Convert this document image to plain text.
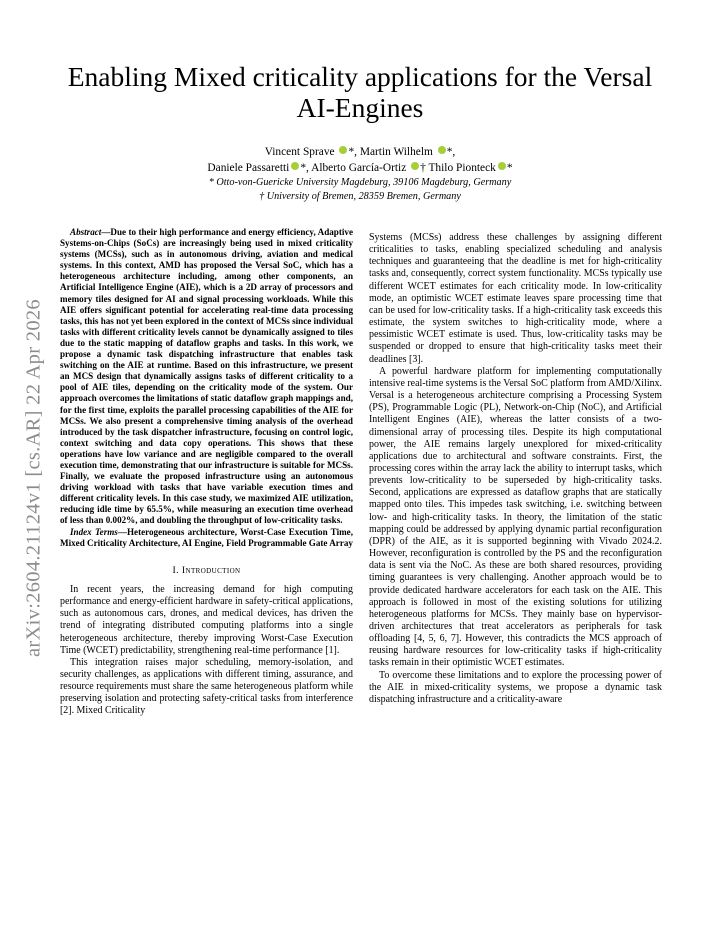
arXiv:2604.21124v1 [cs.AR] 22 Apr 2026
Enabling Mixed criticality applications for the Versal AI-Engines
Vincent Sprave *, Martin Wilhelm *,
Daniele Passaretti *, Alberto García-Ortiz † Thilo Pionteck *
* Otto-von-Guericke University Magdeburg, 39106 Magdeburg, Germany
† University of Bremen, 28359 Bremen, Germany

Abstract—Due to their high performance and energy efficiency, Adaptive Systems-on-Chips (SoCs) are increasingly being used in mixed criticality systems (MCSs), such as in autonomous driving, aviation and medical systems. In this context, AMD has proposed the Versal SoC, which has a heterogeneous architecture including, among other components, an Artificial Intelligence Engine (AIE), which is a 2D array of processors and memory tiles designed for AI and signal processing workloads. While this AIE offers significant potential for accelerating real-time data processing tasks, this has not yet been explored in the context of MCSs since individual tasks with different criticality levels cannot be dynamically assigned to tiles due to the static mapping of dataflow graphs and tasks. In this work, we propose a dynamic task dispatching infrastructure that enables task switching on the AIE at runtime. Based on this infrastructure, we present an MCS design that dynamically assigns tasks of different criticality to a pool of AIE tiles, depending on the criticality mode of the system. Our approach overcomes the limitations of static dataflow graph mappings and, for the first time, exploits the parallel processing capabilities of the AIE for MCSs. We also present a comprehensive timing analysis of the overhead introduced by the task dispatcher infrastructure, focusing on control logic, context switching and data copy operations. This shows that these operations have low variance and are negligible compared to the overall execution time, demonstrating that our infrastructure is suitable for MCSs. Finally, we evaluate the proposed infrastructure using an autonomous driving workload with tasks that have variable execution times and different criticality levels. In this case study, we maximized AIE utilization, reducing idle time by 65.5%, while measuring an execution time overhead of less than 0.002%, and doubling the throughput of low-criticality tasks.

Index Terms—Heterogeneous architecture, Worst-Case Execution Time, Mixed Criticality Architecture, AI Engine, Field Programmable Gate Array

I. Introduction

In recent years, the increasing demand for high computing performance and energy-efficient hardware in safety-critical applications, such as autonomous cars, drones, and medical devices, has driven the trend of integrating distributed computing platforms into a single heterogeneous architecture, thereby improving Worst-Case Execution Time (WCET) predictability, strengthening real-time performance [1].

This integration raises major scheduling, memory-isolation, and security challenges, as applications with different timing, assurance, and resource requirements must share the same heterogeneous platform while preserving isolation and protecting safety-critical tasks from interference [2]. Mixed Criticality

Systems (MCSs) address these challenges by assigning different criticalities to tasks, enabling specialized scheduling and analysis techniques and guaranteeing that the deadline is met for high-criticality tasks and, consequently, correct system functionality. MCSs typically use different WCET estimates for each criticality mode. In low-criticality mode, an optimistic WCET estimate leaves spare processing time that can be used for low-criticality tasks. If a high-criticality task exceeds this estimate, the system switches to high-criticality mode, where a pessimistic WCET estimate is used. Thus, low-criticality tasks may be suspended or dropped to ensure that high-criticality tasks meet their deadlines [3].

A powerful hardware platform for implementing computationally intensive real-time systems is the Versal SoC platform from AMD/Xilinx. Versal is a heterogeneous architecture comprising a Processing System (PS), Programmable Logic (PL), Network-on-Chip (NoC), and Artificial Intelligent Engines (AIE), whereas the latter consists of a two-dimensional array of processing tiles. Despite its high computational power, the AIE remains largely unexplored for mixed-criticality applications due to architectural and software constraints. First, the processing cores within the array lack the ability to interrupt tasks, which prevents low-criticality to be superseded by high-criticality tasks. Second, applications are expressed as dataflow graphs that are statically mapped onto tiles. This impedes task switching, i.e. switching between low- and high-criticality tasks. In theory, the limitation of the static mapping could be addressed by applying dynamic partial reconfiguration (DPR) of the AIE, as it is supported beginning with Vivado 2024.2. However, reconfiguration is controlled by the PS and the reconfiguration data is sent via the NoC. As these are both shared resources, providing timing guarantees is very challenging. Another approach would be to provide dedicated hardware accelerators for each task on the AIE. This approach is followed in most of the existing solutions for utilizing heterogeneous platforms for MCSs. They mainly base on hypervisor-driven architectures that treat accelerators as peripherals for task offloading [4, 5, 6, 7]. However, this contradicts the MCS approach of reusing hardware resources for low-criticality tasks if high-criticality tasks remain in their optimistic WCET estimates.

To overcome these limitations and to explore the processing power of the AIE in mixed-criticality systems, we propose a dynamic task dispatching infrastructure and a criticality-aware
